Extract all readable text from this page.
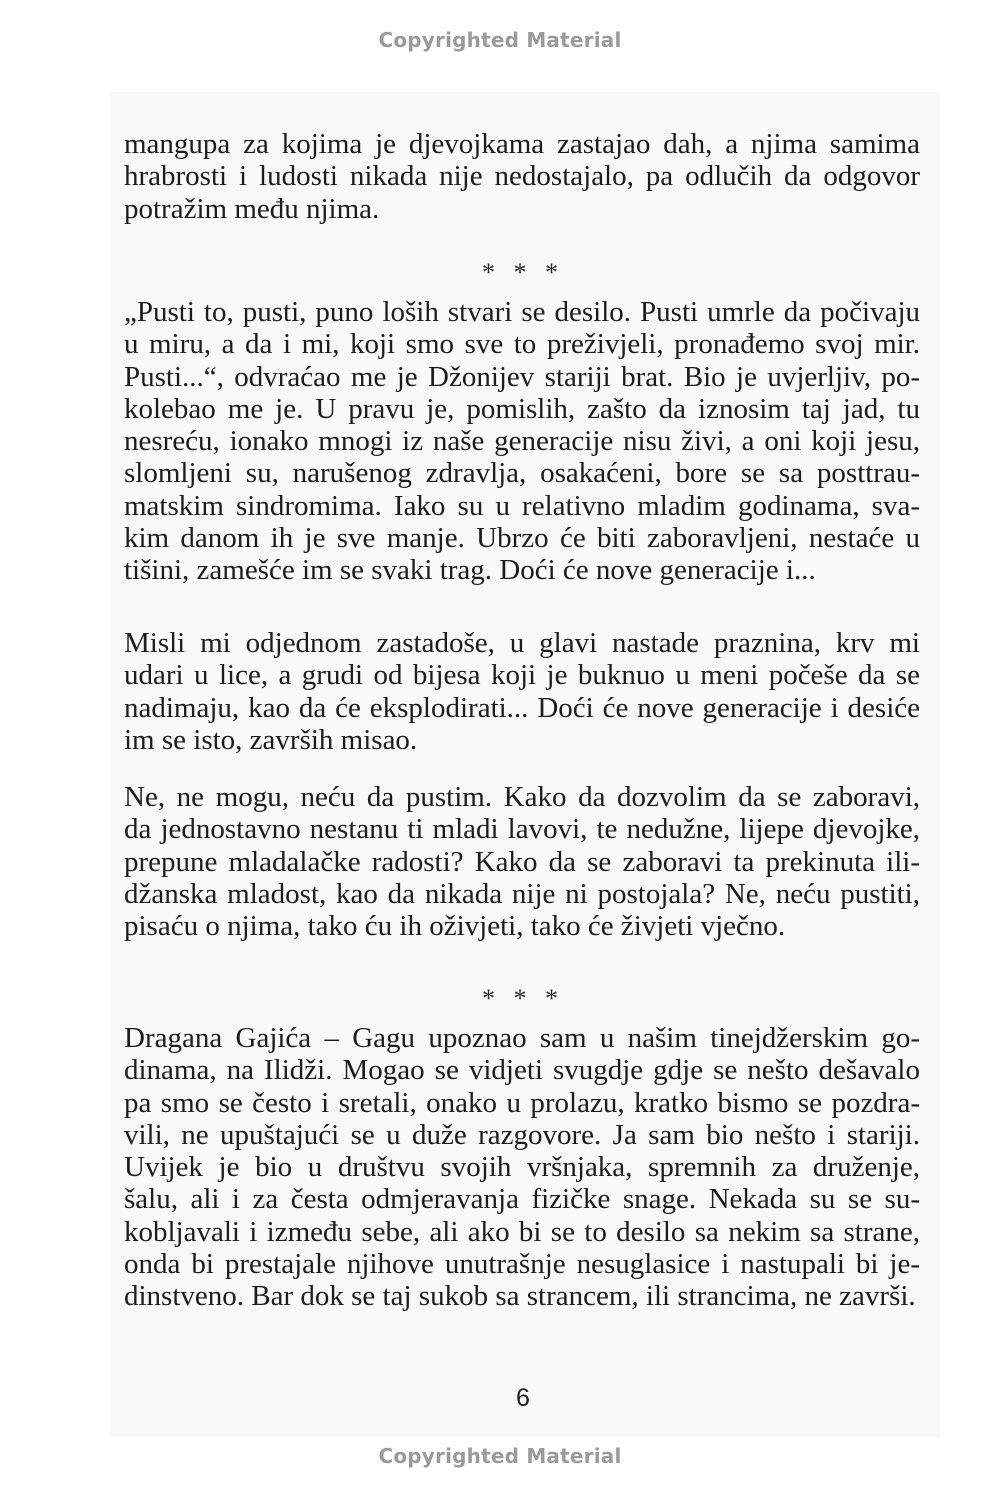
Copyrighted Material
mangupa za kojima je djevojkama zastajao dah, a njima samima
hrabrosti i ludosti nikada nije nedostajalo, pa odlučih da odgovor
potražim među njima.
* * *
„Pusti to, pusti, puno loših stvari se desilo. Pusti umrle da počivaju
u miru, a da i mi, koji smo sve to preživjeli, pronađemo svoj mir.
Pusti...“, odvraćao me je Džonijev stariji brat. Bio je uvjerljiv, po-
kolebao me je. U pravu je, pomislih, zašto da iznosim taj jad, tu
nesreću, ionako mnogi iz naše generacije nisu živi, a oni koji jesu,
slomljeni su, narušenog zdravlja, osakaćeni, bore se sa posttrau-
matskim sindromima. Iako su u relativno mladim godinama, sva-
kim danom ih je sve manje. Ubrzo će biti zaboravljeni, nestaće u
tišini, zamešće im se svaki trag. Doći će nove generacije i...
Misli mi odjednom zastadoše, u glavi nastade praznina, krv mi
udari u lice, a grudi od bijesa koji je buknuo u meni počeše da se
nadimaju, kao da će eksplodirati... Doći će nove generacije i desiće
im se isto, završih misao.
Ne, ne mogu, neću da pustim. Kako da dozvolim da se zaboravi,
da jednostavno nestanu ti mladi lavovi, te nedužne, lijepe djevojke,
prepune mladalačke radosti? Kako da se zaboravi ta prekinuta ili-
džanska mladost, kao da nikada nije ni postojala? Ne, neću pustiti,
pisaću o njima, tako ću ih oživjeti, tako će živjeti vječno.
* * *
Dragana Gajića – Gagu upoznao sam u našim tinejdžerskim go-
dinama, na Ilidži. Mogao se vidjeti svugdje gdje se nešto dešavalo
pa smo se često i sretali, onako u prolazu, kratko bismo se pozdra-
vili, ne upuštajući se u duže razgovore. Ja sam bio nešto i stariji.
Uvijek je bio u društvu svojih vršnjaka, spremnih za druženje,
šalu, ali i za česta odmjeravanja fizičke snage. Nekada su se su-
kobljavali i između sebe, ali ako bi se to desilo sa nekim sa strane,
onda bi prestajale njihove unutrašnje nesuglasice i nastupali bi je-
dinstveno. Bar dok se taj sukob sa strancem, ili strancima, ne završi.
6
Copyrighted Material
